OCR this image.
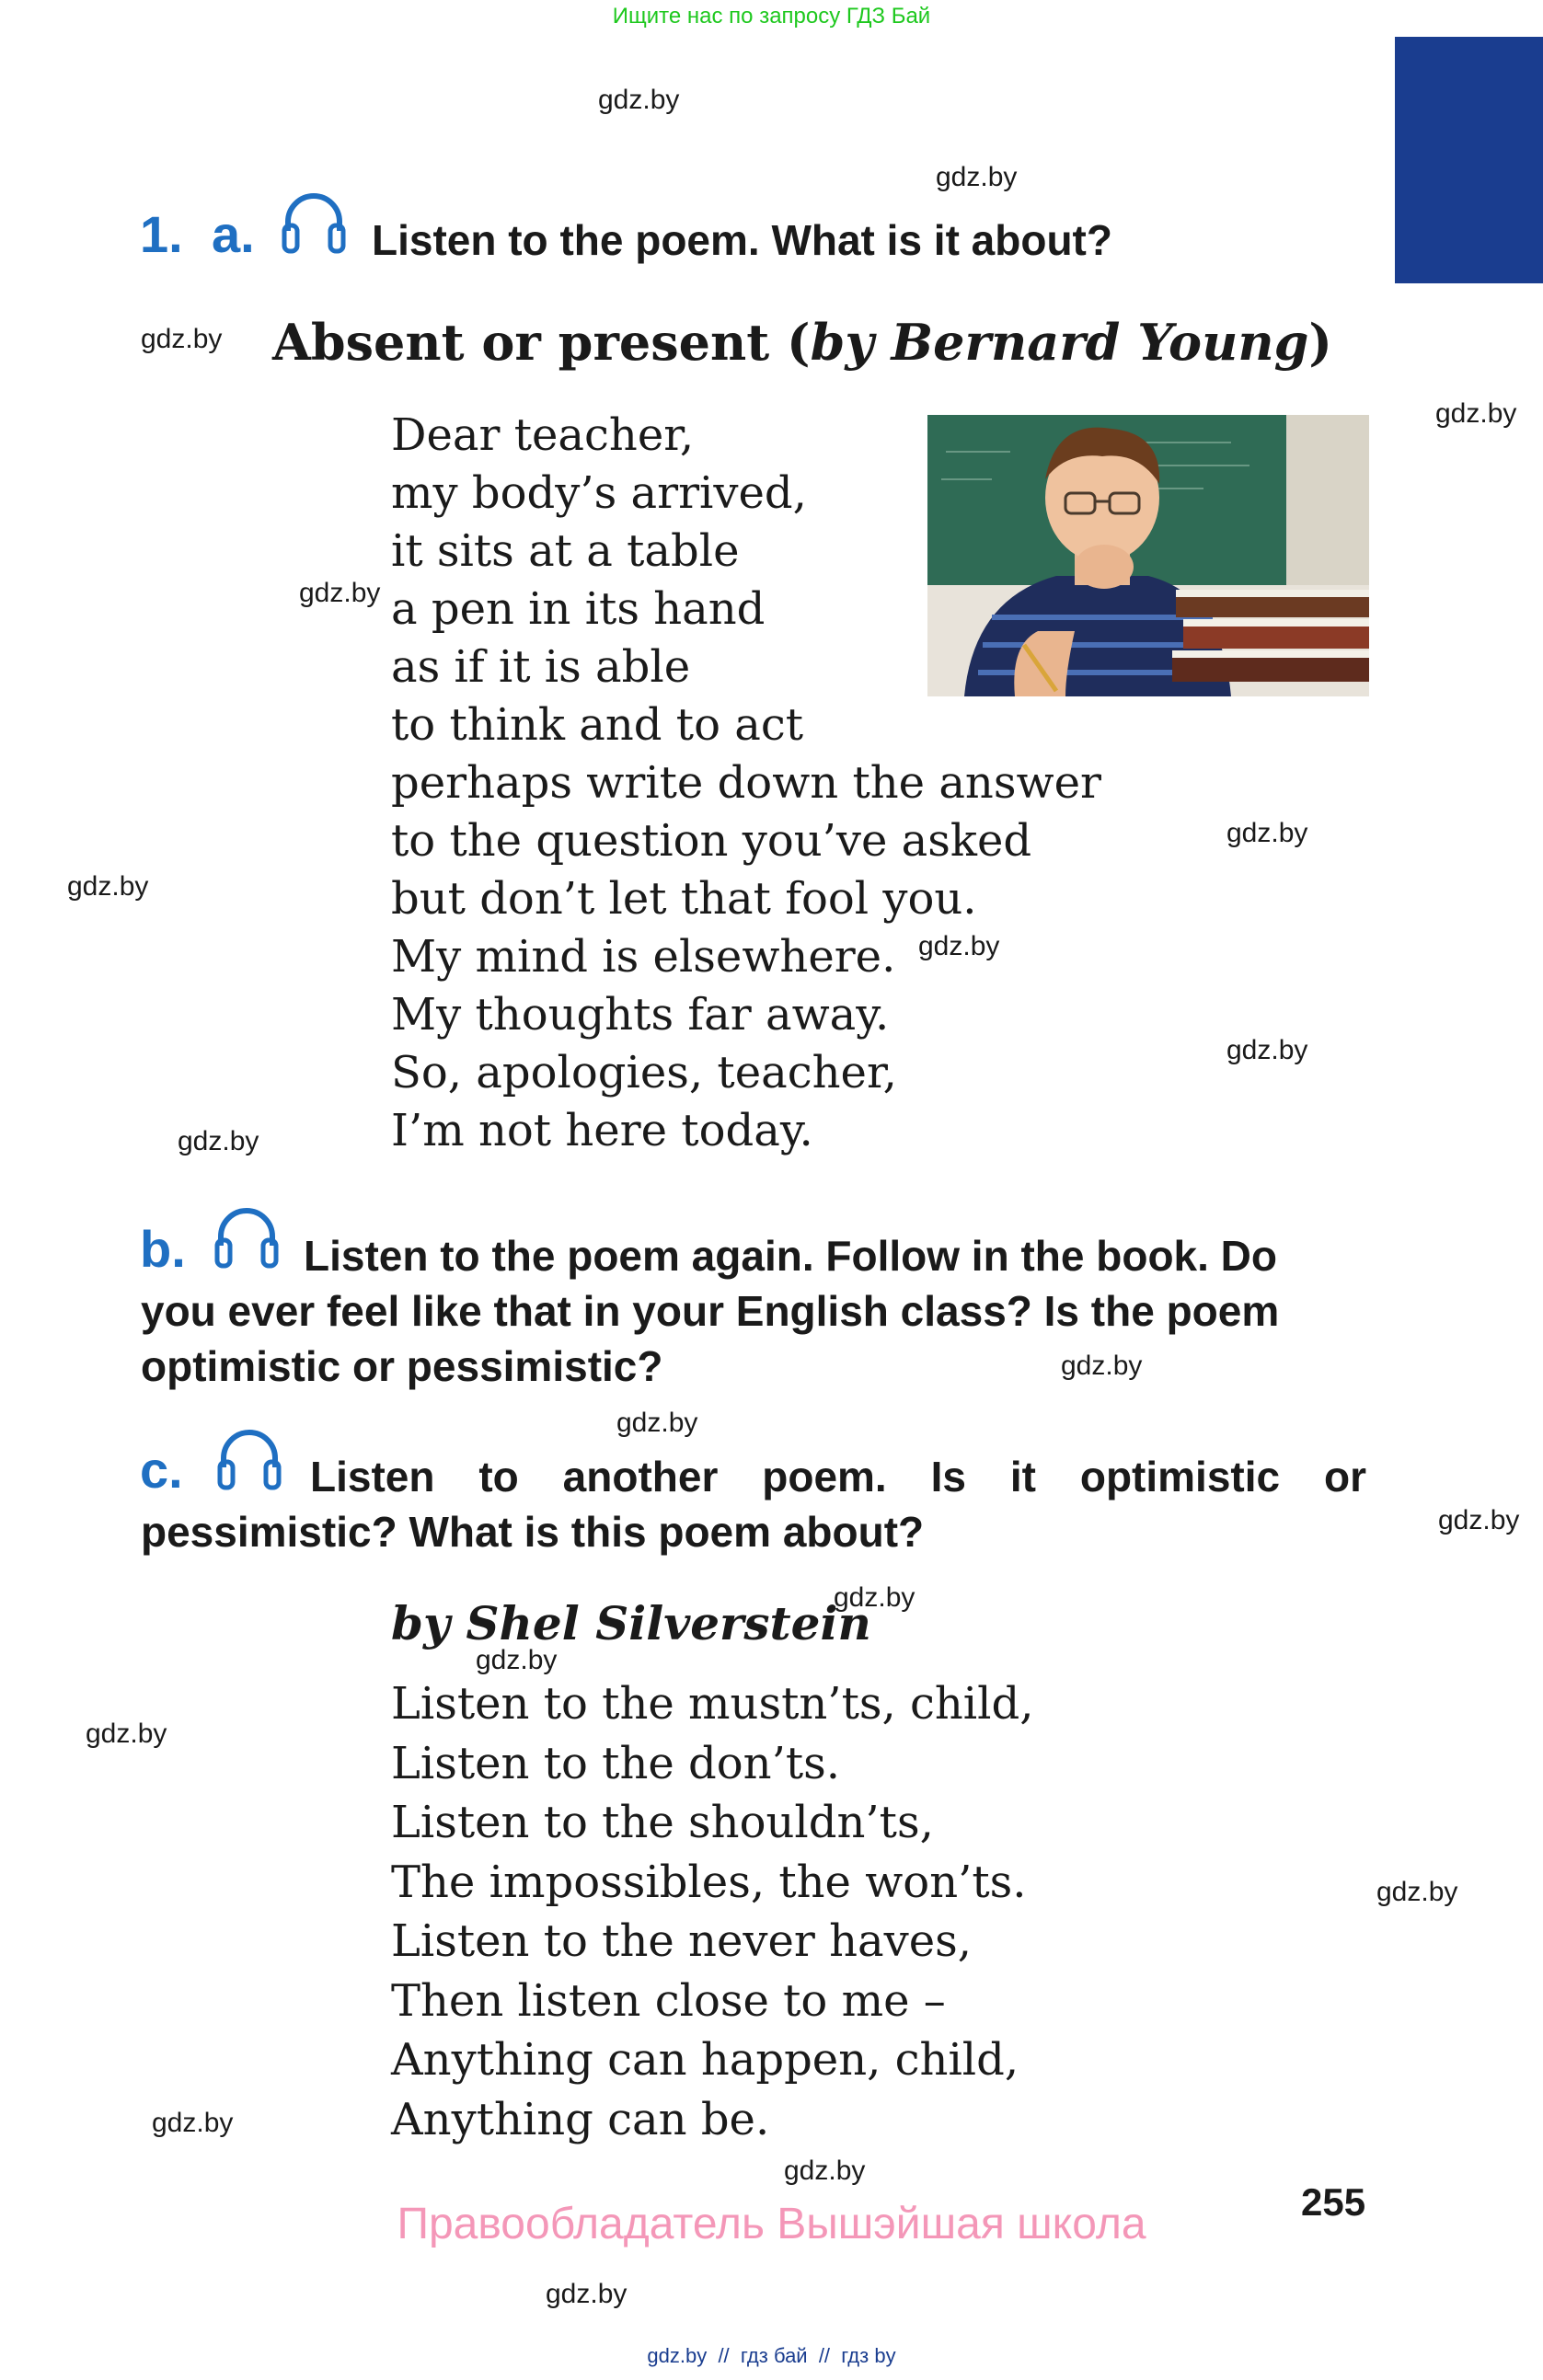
Ищите нас по запросу ГДЗ Бай
gdz.by
gdz.by
gdz.by
gdz.by
gdz.by
gdz.by
gdz.by
gdz.by
gdz.by
gdz.by
gdz.by
gdz.by
gdz.by
gdz.by
gdz.by
gdz.by
gdz.by
gdz.by
gdz.by
gdz.by
1. a.	Listen to the poem. What is it about?
Absent or present (by Bernard Young)
Dear teacher,
my body’s arrived,
it sits at a table
a pen in its hand
as if it is able
to think and to act
perhaps write down the answer
to the question you’ve asked
but don’t let that fool you.
My mind is elsewhere.
My thoughts far away.
So, apologies, teacher,
I’m not here today.
b.	Listen to the poem again. Follow in the book. Do
you ever feel like that in your English class? Is the poem
optimistic or pessimistic?
c.	Listen to another poem. Is it optimistic or
pessimistic? What is this poem about?
by Shel Silverstein
Listen to the mustn’ts, child,
Listen to the don’ts.
Listen to the shouldn’ts,
The impossibles, the won’ts.
Listen to the never haves,
Then listen close to me –
Anything can happen, child,
Anything can be.
255
Правообладатель Вышэйшая школа
gdz.by  //  гдз бай  //  гдз by
